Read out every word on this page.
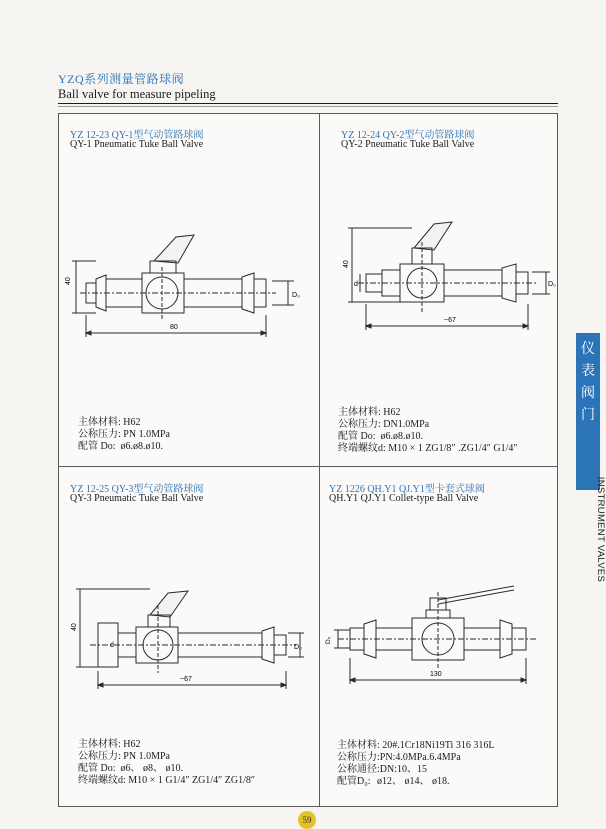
YZQ系列测量管路球阀
Ball valve for measure pipeling
YZ 12-23 QY-1型气动管路球阀
QY-1 Pneumatic Tuke Ball Valve
40
80
D₀
主体材料: H62
公称压力: PN 1.0MPa
配管 Do: ø6.ø8.ø10.
YZ 12-24 QY-2型气动管路球阀
QY-2 Pneumatic Tuke Ball Valve
40
d
~67
D₀
主体材料: H62
公称压力: DN1.0MPa
配管 Do: ø6.ø8.ø10.
终端螺纹d: M10 × 1 ZG1/8″ .ZG1/4″ G1/4″
YZ 12-25 QY-3型气动管路球阀
QY-3 Pneumatic Tuke Ball Valve
40
d
~67
D₀
主体材料: H62
公称压力: PN 1.0MPa
配管 Do: ø6、 ø8、 ø10.
终端螺纹d: M10 × 1 G1/4″ ZG1/4″ ZG1/8″
YZ 1226 QH.Y1 QJ.Y1型卡套式球阀
QH.Y1 QJ.Y1 Collet-type Ball Valve
130
D₀
主体材料: 20#.1Cr18Ni19Ti 316 316L
公称压力:PN:4.0MPa.6.4MPa
公称通径:DN:10、15
配管D₀: ø12、 ø14、 ø18.
仪
表
阀
门
INSTRUMENT VALVES
59
